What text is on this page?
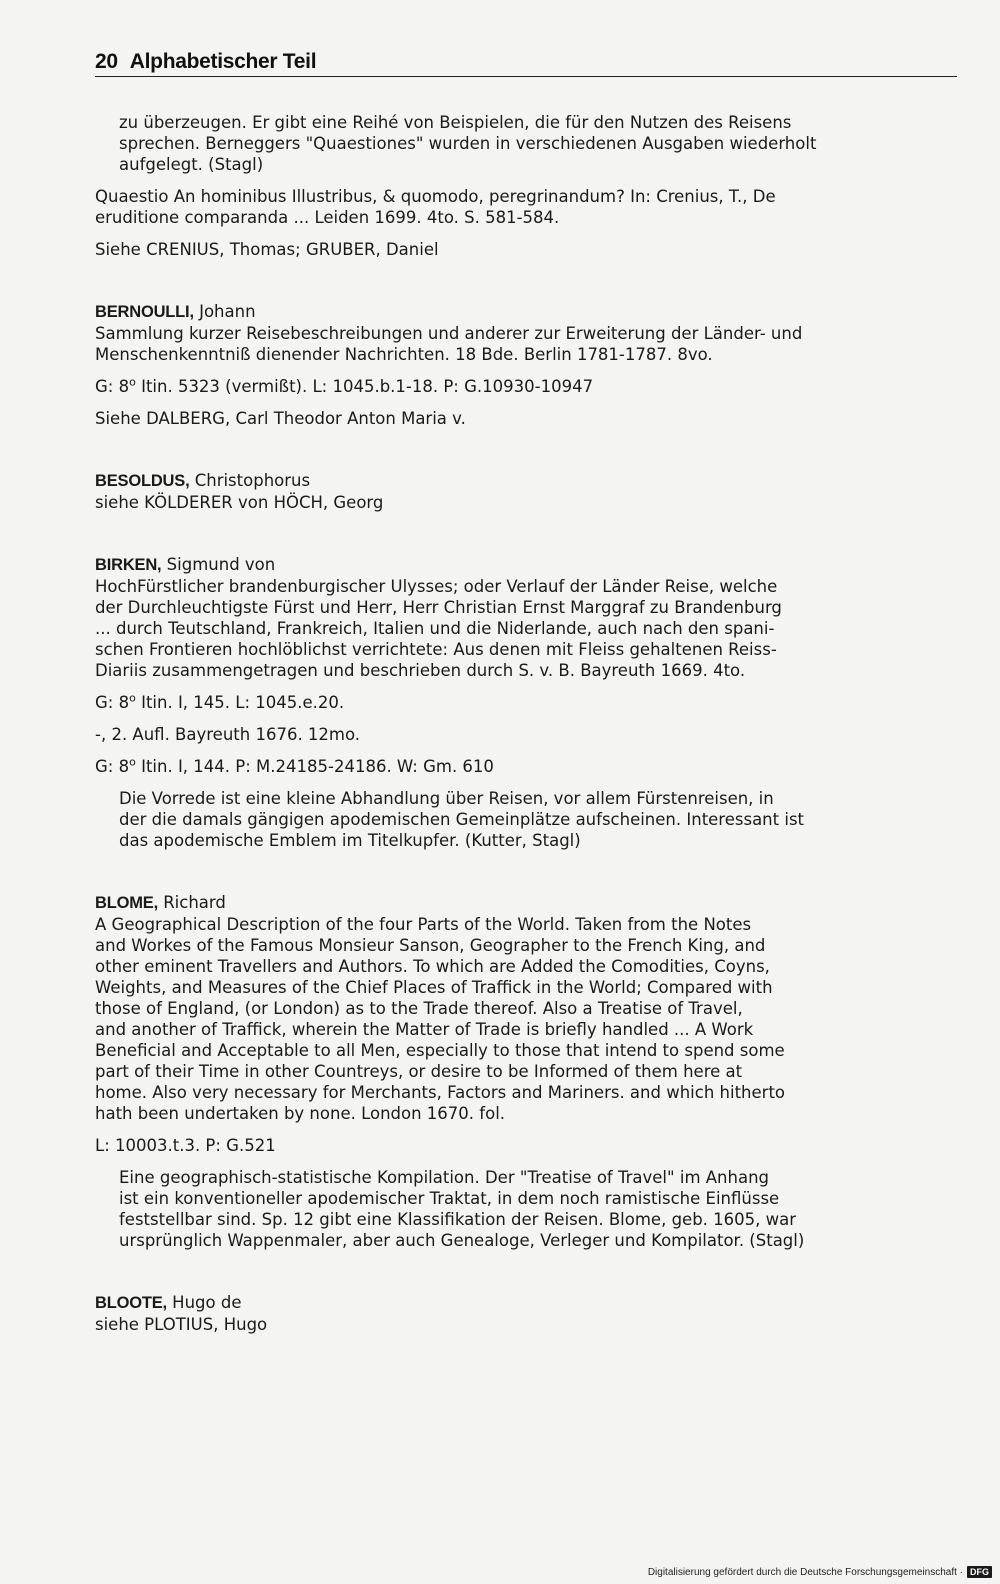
20 Alphabetischer Teil

zu überzeugen. Er gibt eine Reihé von Beispielen, die für den Nutzen des Reisens

sprechen. Berneggers "Quaestiones" wurden in verschiedenen Ausgaben wiederholt

aufgelegt. (Stagl)

Quaestio An hominibus Illustribus, & quomodo, peregrinandum? In: Crenius, T., De

eruditione comparanda ... Leiden 1699. 4to. S. 581-584.

Siehe CRENIUS, Thomas; GRUBER, Daniel

BERNOULLI, Johann

Sammlung kurzer Reisebeschreibungen und anderer zur Erweiterung der Länder- und

Menschenkenntniß dienender Nachrichten. 18 Bde. Berlin 1781-1787. 8vo.

G: 8$^o$ Itin. 5323 (vermißt). L: 1045.b.1-18. P: G.10930-10947

Siehe DALBERG, Carl Theodor Anton Maria v.

BESOLDUS, Christophorus

siehe KÖLDERER von HÖCH, Georg

BIRKEN, Sigmund von

HochFürstlicher brandenburgischer Ulysses; oder Verlauf der Länder Reise, welche

der Durchleuchtigste Fürst und Herr, Herr Christian Ernst Marggraf zu Brandenburg

... durch Teutschland, Frankreich, Italien und die Niderlande, auch nach den spani-

schen Frontieren hochlöblichst verrichtete: Aus denen mit Fleiss gehaltenen Reiss-

Diariis zusammengetragen und beschrieben durch S. v. B. Bayreuth 1669. 4to.

G: 8$^o$ Itin. I, 145. L: 1045.e.20.

-, 2. Aufl. Bayreuth 1676. 12mo.

G: 8$^o$ Itin. I, 144. P: M.24185-24186. W: Gm. 610

Die Vorrede ist eine kleine Abhandlung über Reisen, vor allem Fürstenreisen, in

der die damals gängigen apodemischen Gemeinplätze aufscheinen. Interessant ist

das apodemische Emblem im Titelkupfer. (Kutter, Stagl)

BLOME, Richard

A Geographical Description of the four Parts of the World. Taken from the Notes

and Workes of the Famous Monsieur Sanson, Geographer to the French King, and

other eminent Travellers and Authors. To which are Added the Comodities, Coyns,

Weights, and Measures of the Chief Places of Traffick in the World; Compared with

those of England, (or London) as to the Trade thereof. Also a Treatise of Travel,

and another of Traffick, wherein the Matter of Trade is briefly handled ... A Work

Beneficial and Acceptable to all Men, especially to those that intend to spend some

part of their Time in other Countreys, or desire to be Informed of them here at

home. Also very necessary for Merchants, Factors and Mariners. and which hitherto

hath been undertaken by none. London 1670. fol.

L: 10003.t.3. P: G.521

Eine geographisch-statistische Kompilation. Der "Treatise of Travel" im Anhang

ist ein konventioneller apodemischer Traktat, in dem noch ramistische Einflüsse

feststellbar sind. Sp. 12 gibt eine Klassifikation der Reisen. Blome, geb. 1605, war

ursprünglich Wappenmaler, aber auch Genealoge, Verleger und Kompilator. (Stagl)

BLOOTE, Hugo de

siehe PLOTIUS, Hugo

Digitalisierung gefördert durch die Deutsche Forschungsgemeinschaft · DFG
